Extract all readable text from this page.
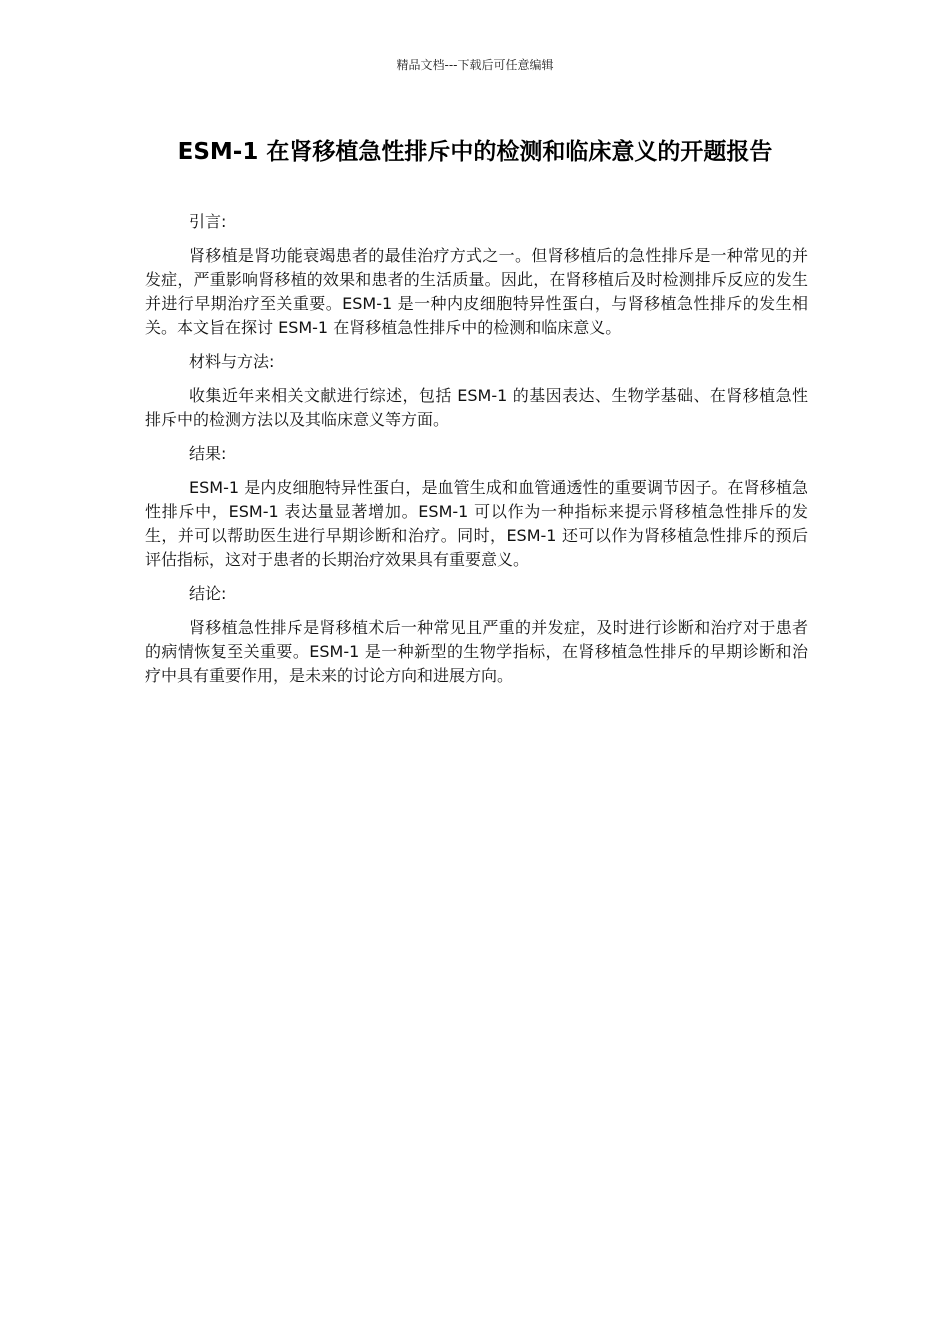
精品文档---下载后可任意编辑
ESM-1 在肾移植急性排斥中的检测和临床意义的开题报告

引言:

肾移植是肾功能衰竭患者的最佳治疗方式之一。但肾移植后的急性排斥是一种常见的并发症，严重影响肾移植的效果和患者的生活质量。因此，在肾移植后及时检测排斥反应的发生并进行早期治疗至关重要。ESM-1 是一种内皮细胞特异性蛋白，与肾移植急性排斥的发生相关。本文旨在探讨 ESM-1 在肾移植急性排斥中的检测和临床意义。

材料与方法:

收集近年来相关文献进行综述，包括 ESM-1 的基因表达、生物学基础、在肾移植急性排斥中的检测方法以及其临床意义等方面。

结果:

ESM-1 是内皮细胞特异性蛋白，是血管生成和血管通透性的重要调节因子。在肾移植急性排斥中，ESM-1 表达量显著增加。ESM-1 可以作为一种指标来提示肾移植急性排斥的发生，并可以帮助医生进行早期诊断和治疗。同时，ESM-1 还可以作为肾移植急性排斥的预后评估指标，这对于患者的长期治疗效果具有重要意义。

结论:

肾移植急性排斥是肾移植术后一种常见且严重的并发症，及时进行诊断和治疗对于患者的病情恢复至关重要。ESM-1 是一种新型的生物学指标，在肾移植急性排斥的早期诊断和治疗中具有重要作用，是未来的讨论方向和进展方向。
